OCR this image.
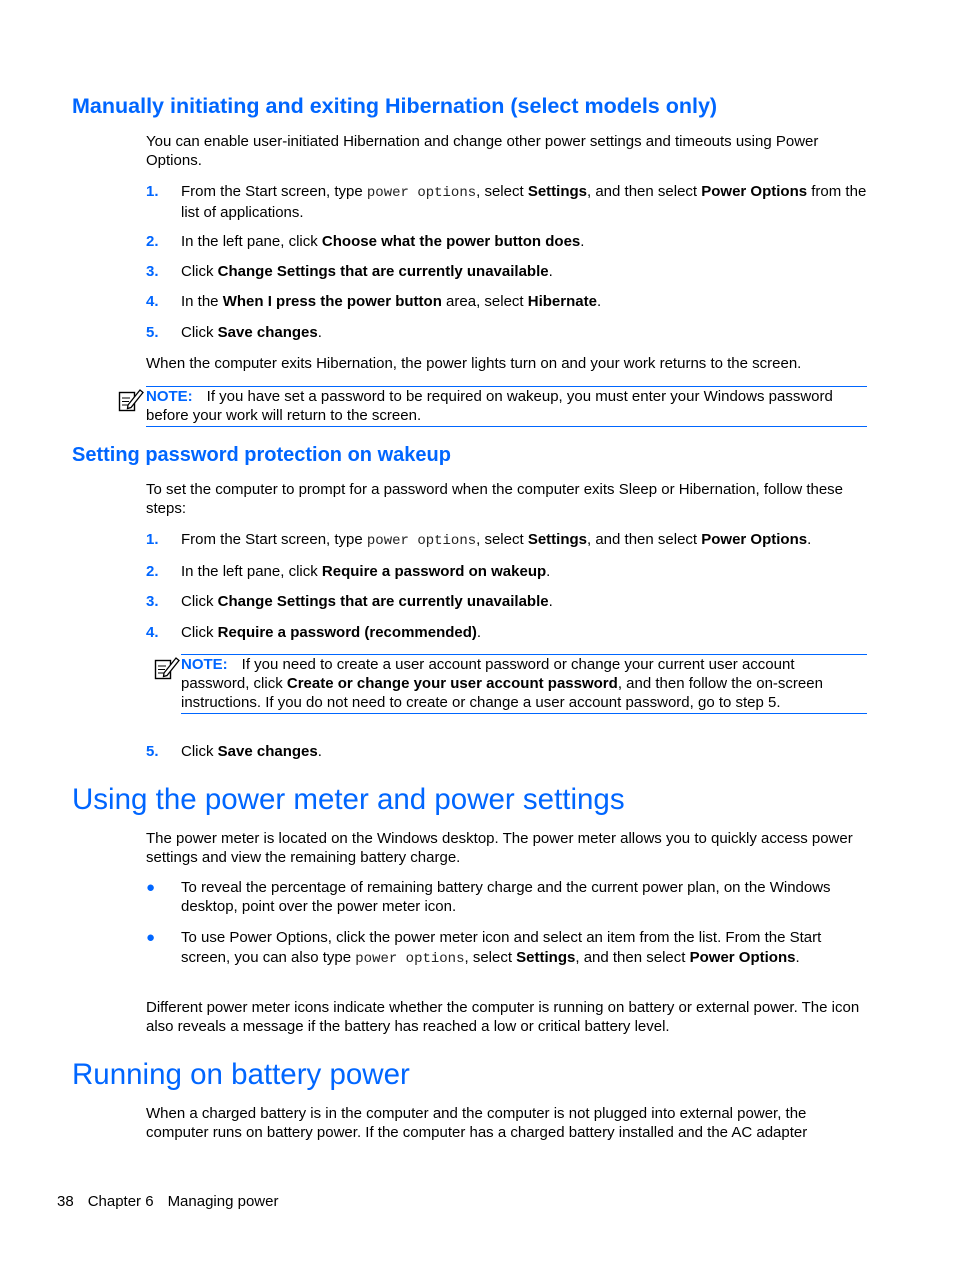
Manually initiating and exiting Hibernation (select models only)
You can enable user-initiated Hibernation and change other power settings and timeouts using Power Options.
1. From the Start screen, type power options, select Settings, and then select Power Options from the list of applications.
2. In the left pane, click Choose what the power button does.
3. Click Change Settings that are currently unavailable.
4. In the When I press the power button area, select Hibernate.
5. Click Save changes.
When the computer exits Hibernation, the power lights turn on and your work returns to the screen.
NOTE: If you have set a password to be required on wakeup, you must enter your Windows password before your work will return to the screen.
Setting password protection on wakeup
To set the computer to prompt for a password when the computer exits Sleep or Hibernation, follow these steps:
1. From the Start screen, type power options, select Settings, and then select Power Options.
2. In the left pane, click Require a password on wakeup.
3. Click Change Settings that are currently unavailable.
4. Click Require a password (recommended).
NOTE: If you need to create a user account password or change your current user account password, click Create or change your user account password, and then follow the on-screen instructions. If you do not need to create or change a user account password, go to step 5.
5. Click Save changes.
Using the power meter and power settings
The power meter is located on the Windows desktop. The power meter allows you to quickly access power settings and view the remaining battery charge.
● To reveal the percentage of remaining battery charge and the current power plan, on the Windows desktop, point over the power meter icon.
● To use Power Options, click the power meter icon and select an item from the list. From the Start screen, you can also type power options, select Settings, and then select Power Options.
Different power meter icons indicate whether the computer is running on battery or external power. The icon also reveals a message if the battery has reached a low or critical battery level.
Running on battery power
When a charged battery is in the computer and the computer is not plugged into external power, the computer runs on battery power. If the computer has a charged battery installed and the AC adapter
38 Chapter 6 Managing power
